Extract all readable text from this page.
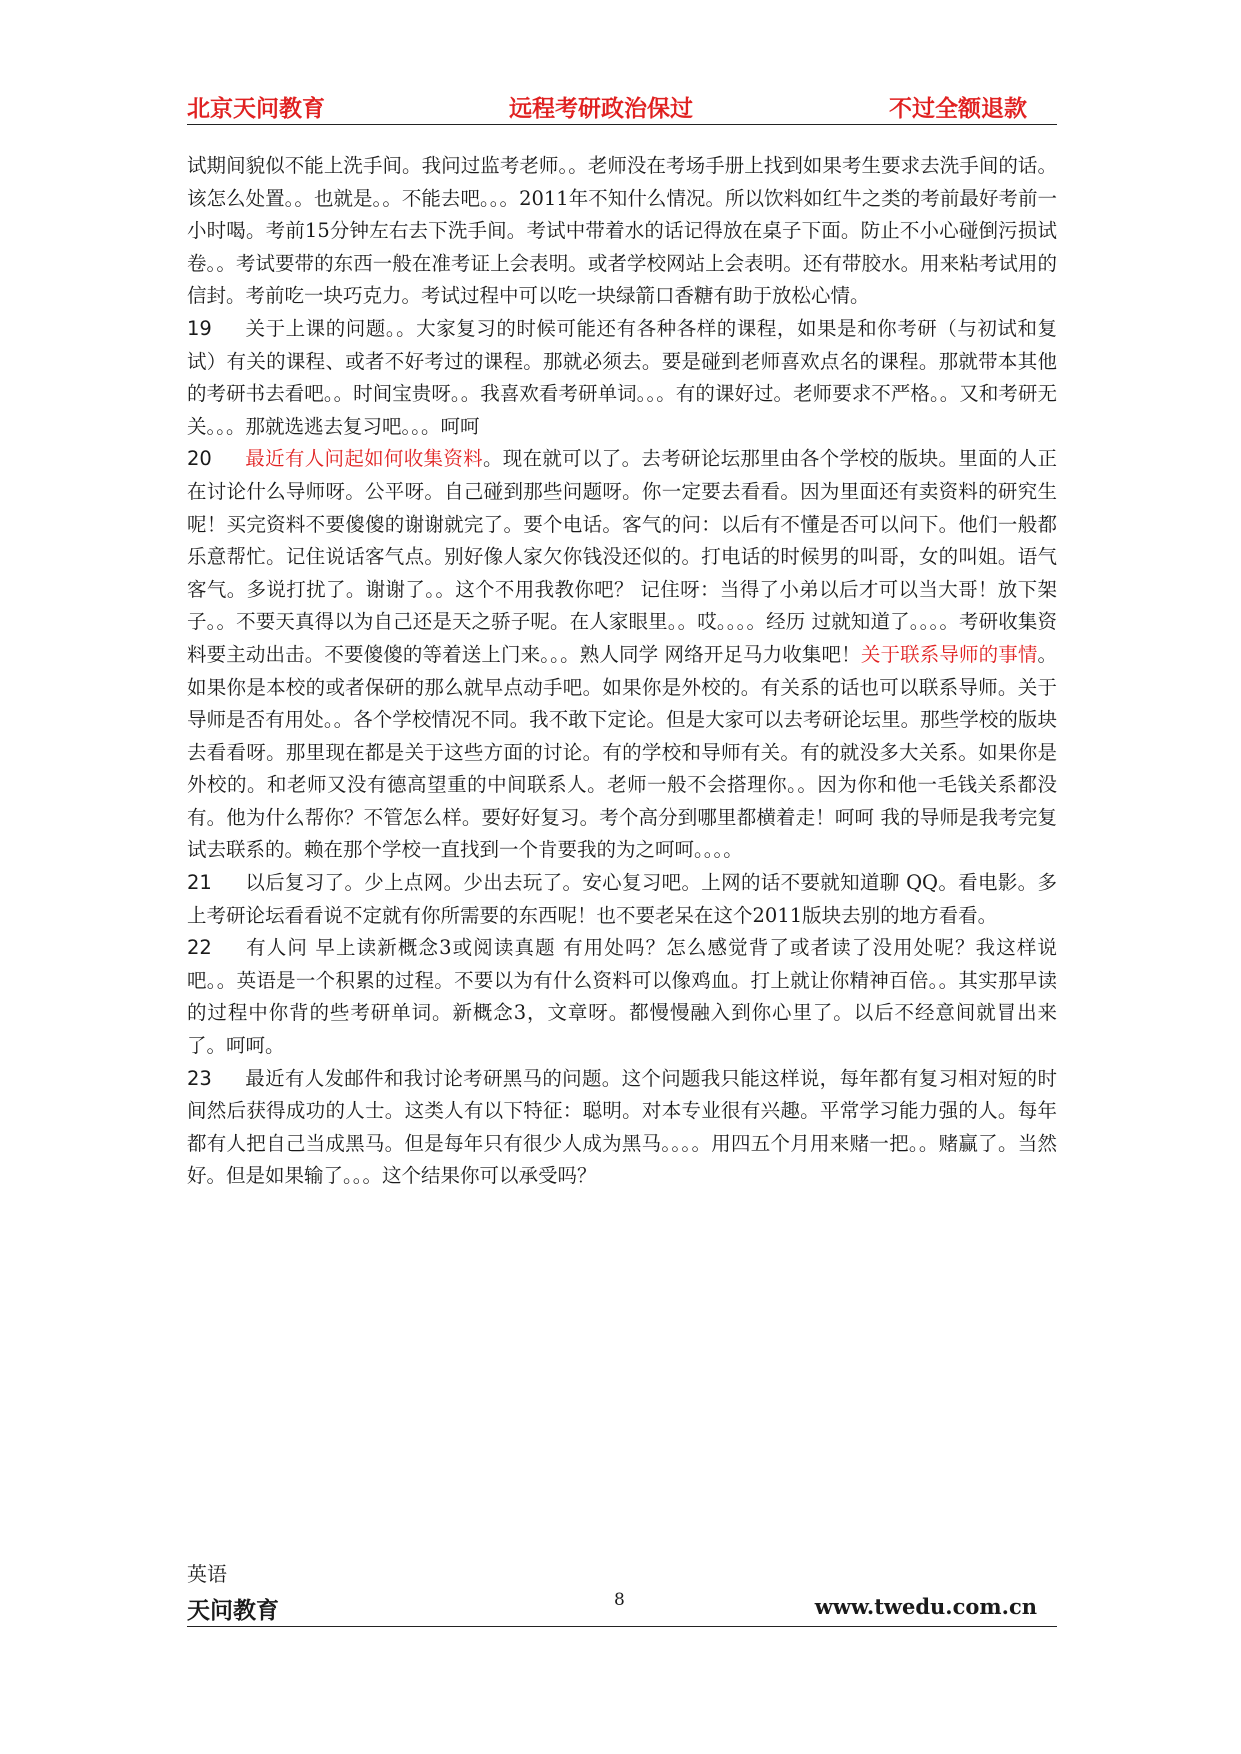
北京天问教育	远程考研政治保过	不过全额退款

试期间貌似不能上洗手间。我问过监考老师。。老师没在考场手册上找到如果考生要求去洗手间的话。该怎么处置。。也就是。。不能去吧。。。2011年不知什么情况。所以饮料如红牛之类的考前最好考前一小时喝。考前15分钟左右去下洗手间。考试中带着水的话记得放在桌子下面。防止不小心碰倒污损试卷。。考试要带的东西一般在准考证上会表明。或者学校网站上会表明。还有带胶水。用来粘考试用的信封。考前吃一块巧克力。考试过程中可以吃一块绿箭口香糖有助于放松心情。

19 关于上课的问题。。大家复习的时候可能还有各种各样的课程，如果是和你考研（与初试和复试）有关的课程、或者不好考过的课程。那就必须去。要是碰到老师喜欢点名的课程。那就带本其他的考研书去看吧。。时间宝贵呀。。我喜欢看考研单词。。。有的课好过。老师要求不严格。。又和考研无关。。。那就选逃去复习吧。。。呵呵

20 最近有人问起如何收集资料。现在就可以了。去考研论坛那里由各个学校的版块。里面的人正在讨论什么导师呀。公平呀。自己碰到那些问题呀。你一定要去看看。因为里面还有卖资料的研究生呢！买完资料不要傻傻的谢谢就完了。要个电话。客气的问：以后有不懂是否可以问下。他们一般都乐意帮忙。记住说话客气点。别好像人家欠你钱没还似的。打电话的时候男的叫哥，女的叫姐。语气客气。多说打扰了。谢谢了。。这个不用我教你吧？ 记住呀：当得了小弟以后才可以当大哥！放下架子。。不要天真得以为自己还是天之骄子呢。在人家眼里。。哎。。。。经历 过就知道了。。。。考研收集资料要主动出击。不要傻傻的等着送上门来。。。熟人同学 网络开足马力收集吧！关于联系导师的事情。如果你是本校的或者保研的那么就早点动手吧。如果你是外校的。有关系的话也可以联系导师。关于导师是否有用处。。各个学校情况不同。我不敢下定论。但是大家可以去考研论坛里。那些学校的版块去看看呀。那里现在都是关于这些方面的讨论。有的学校和导师有关。有的就没多大关系。如果你是外校的。和老师又没有德高望重的中间联系人。老师一般不会搭理你。。因为你和他一毛钱关系都没有。他为什么帮你？不管怎么样。要好好复习。考个高分到哪里都横着走！呵呵 我的导师是我考完复试去联系的。赖在那个学校一直找到一个肯要我的为之呵呵。。。。

21 以后复习了。少上点网。少出去玩了。安心复习吧。上网的话不要就知道聊 QQ。看电影。多上考研论坛看看说不定就有你所需要的东西呢！也不要老呆在这个2011版块去别的地方看看。

22 有人问 早上读新概念3或阅读真题 有用处吗？怎么感觉背了或者读了没用处呢？我这样说吧。。英语是一个积累的过程。不要以为有什么资料可以像鸡血。打上就让你精神百倍。。其实那早读的过程中你背的些考研单词。新概念3，文章呀。都慢慢融入到你心里了。以后不经意间就冒出来了。呵呵。

23 最近有人发邮件和我讨论考研黑马的问题。这个问题我只能这样说，每年都有复习相对短的时间然后获得成功的人士。这类人有以下特征：聪明。对本专业很有兴趣。平常学习能力强的人。每年都有人把自己当成黑马。但是每年只有很少人成为黑马。。。。用四五个月用来赌一把。。赌赢了。当然好。但是如果输了。。。这个结果你可以承受吗？

英语
天问教育	8	www.twedu.com.cn
